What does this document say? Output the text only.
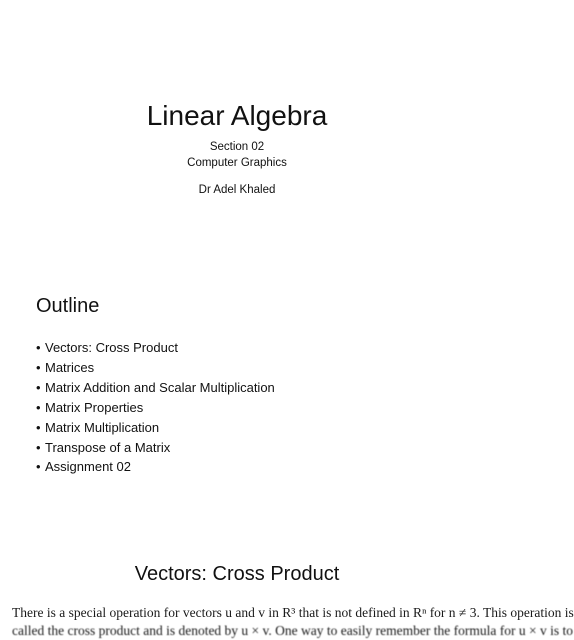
Linear Algebra
Section 02
Computer Graphics
Dr Adel Khaled
Outline
• Vectors: Cross Product
• Matrices
• Matrix Addition and Scalar Multiplication
• Matrix Properties
• Matrix Multiplication
• Transpose of a Matrix
• Assignment 02
Vectors: Cross Product
There is a special operation for vectors u and v in R³ that is not defined in Rⁿ for n ≠ 3. This operation is
called the cross product and is denoted by u × v. One way to easily remember the formula for u × v is to
